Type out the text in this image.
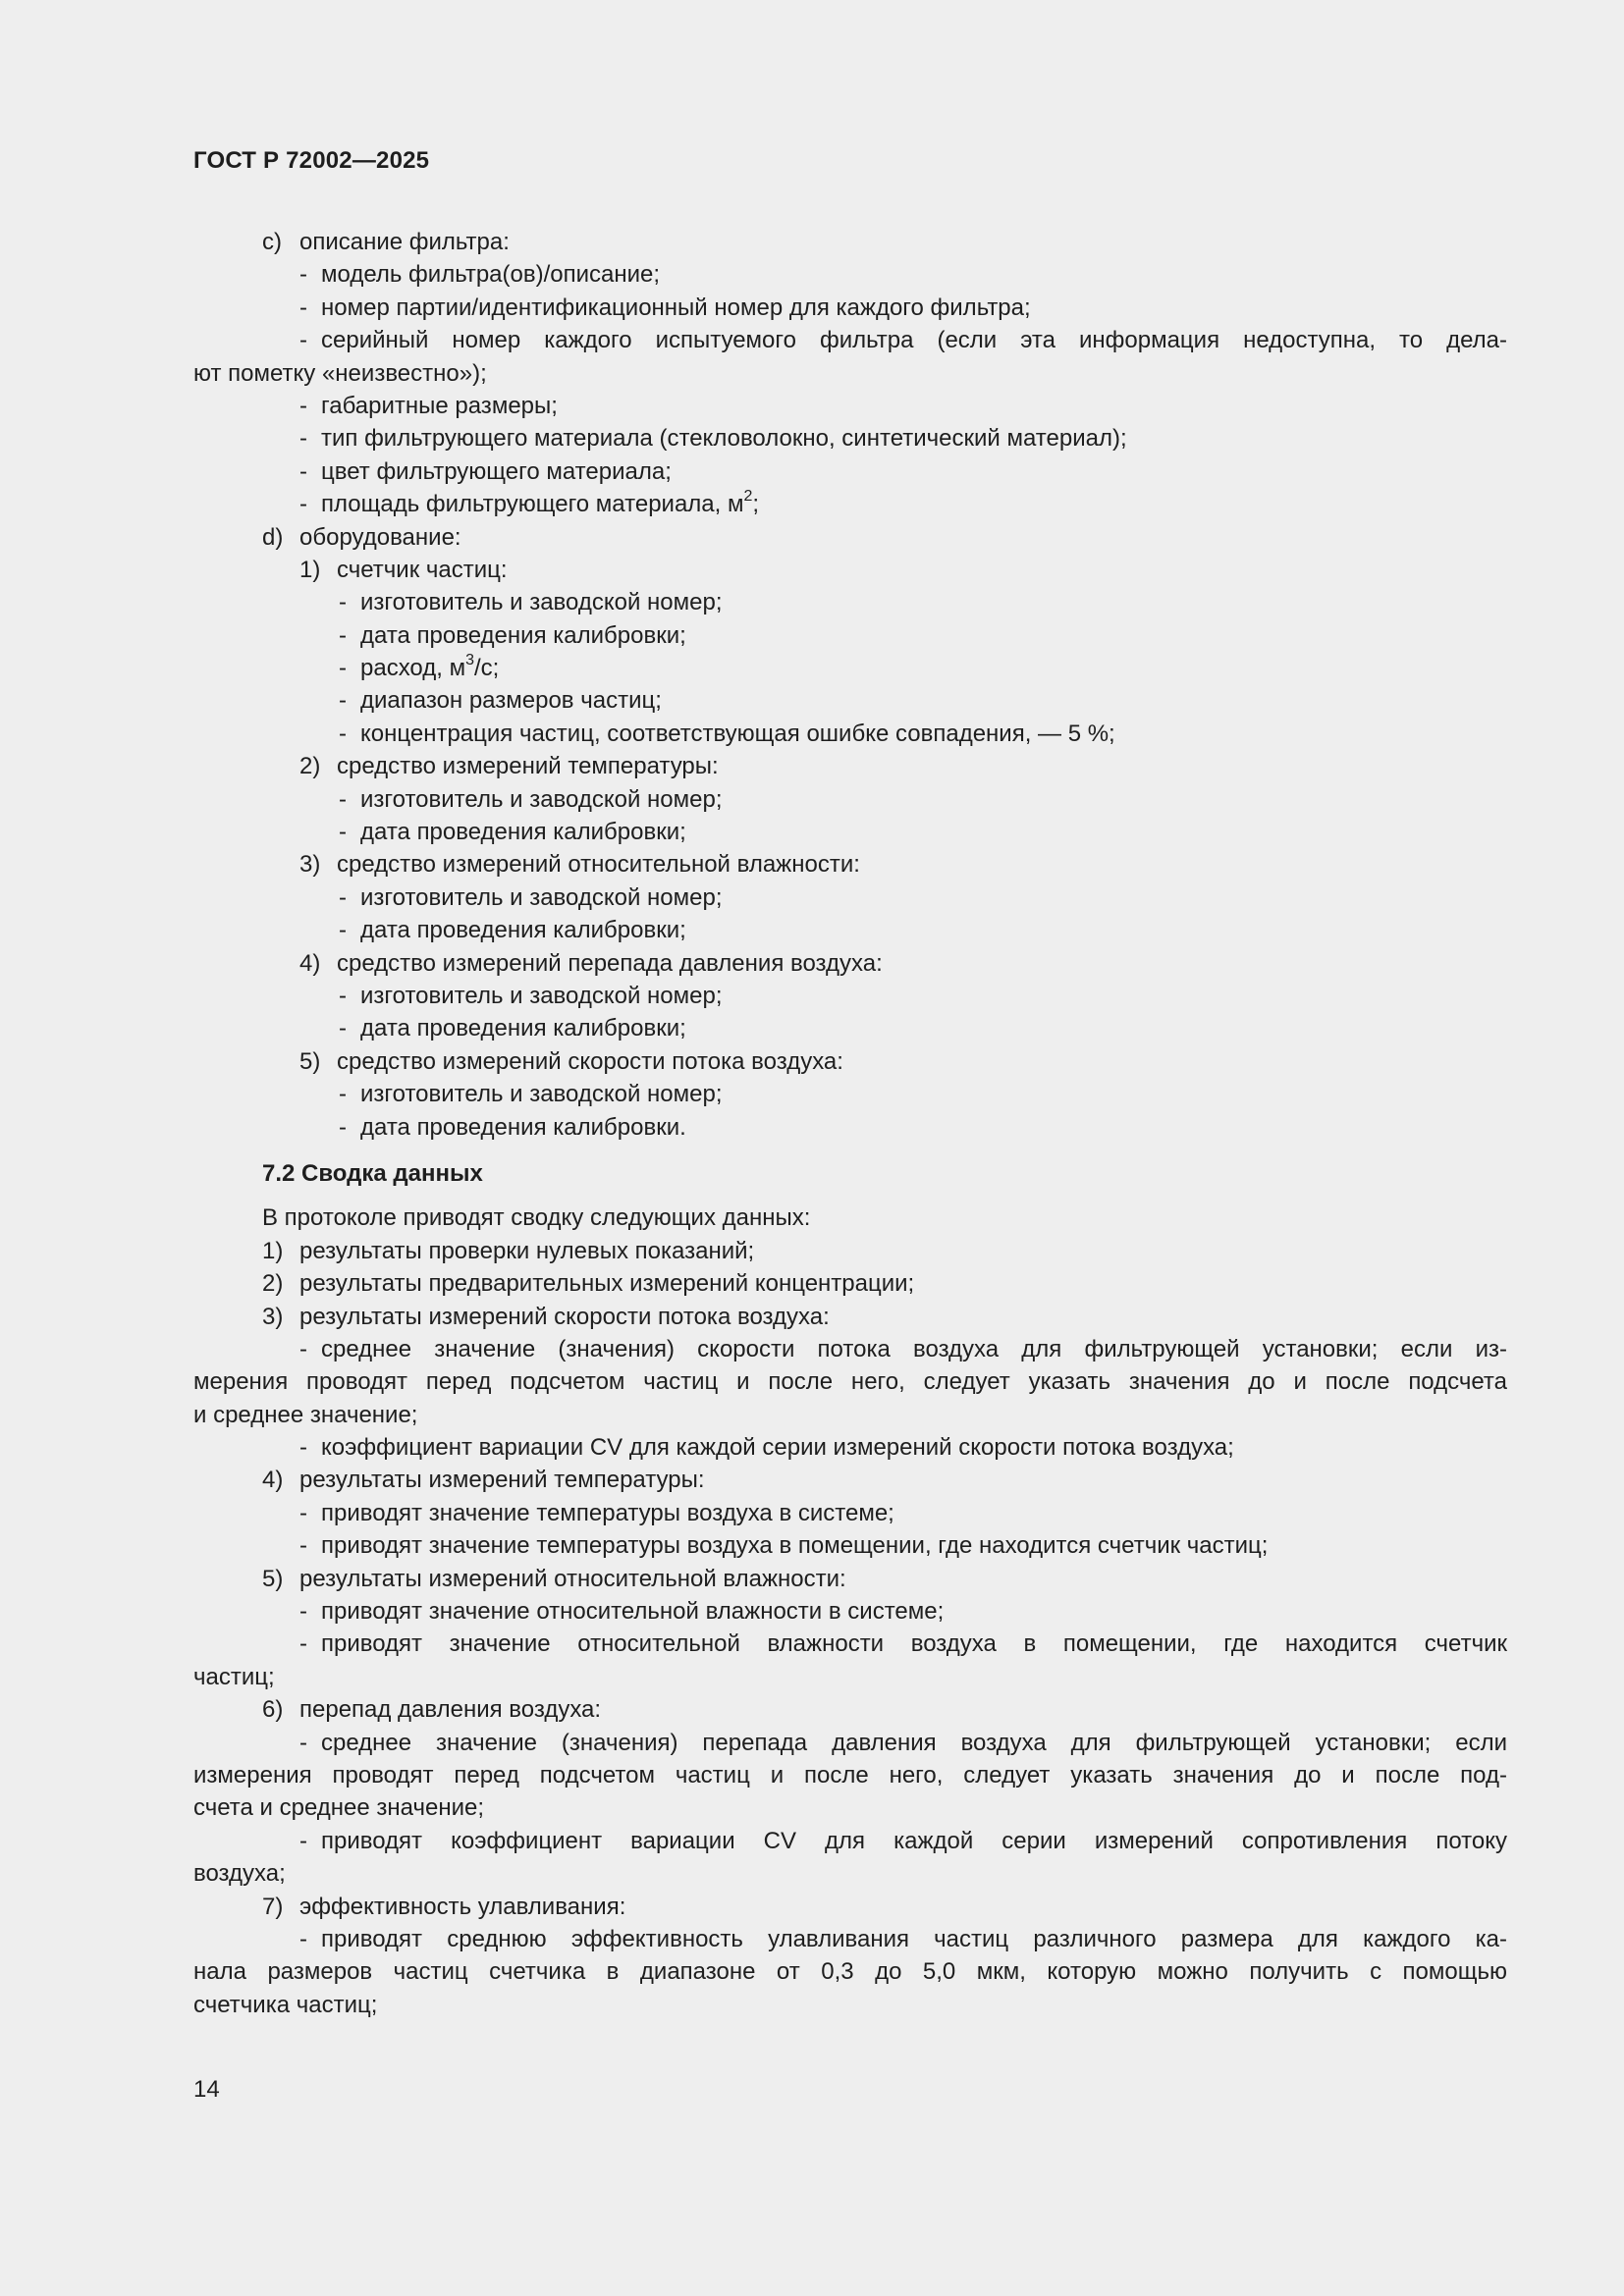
ГОСТ Р 72002—2025
c) описание фильтра:
- модель фильтра(ов)/описание;
- номер партии/идентификационный номер для каждого фильтра;
- серийный номер каждого испытуемого фильтра (если эта информация недоступна, то дела-
ют пометку «неизвестно»);
- габаритные размеры;
- тип фильтрующего материала (стекловолокно, синтетический материал);
- цвет фильтрующего материала;
- площадь фильтрующего материала, $м^2$;
d) оборудование:
1) счетчик частиц:
- изготовитель и заводской номер;
- дата проведения калибровки;
- расход, $м^3/с$;
- диапазон размеров частиц;
- концентрация частиц, соответствующая ошибке совпадения, — 5 %;
2) средство измерений температуры:
- изготовитель и заводской номер;
- дата проведения калибровки;
3) средство измерений относительной влажности:
- изготовитель и заводской номер;
- дата проведения калибровки;
4) средство измерений перепада давления воздуха:
- изготовитель и заводской номер;
- дата проведения калибровки;
5) средство измерений скорости потока воздуха:
- изготовитель и заводской номер;
- дата проведения калибровки.
7.2 Сводка данных
В протоколе приводят сводку следующих данных:
1) результаты проверки нулевых показаний;
2) результаты предварительных измерений концентрации;
3) результаты измерений скорости потока воздуха:
- среднее значение (значения) скорости потока воздуха для фильтрующей установки; если из-
мерения проводят перед подсчетом частиц и после него, следует указать значения до и после подсчета
и среднее значение;
- коэффициент вариации CV для каждой серии измерений скорости потока воздуха;
4) результаты измерений температуры:
- приводят значение температуры воздуха в системе;
- приводят значение температуры воздуха в помещении, где находится счетчик частиц;
5) результаты измерений относительной влажности:
- приводят значение относительной влажности в системе;
- приводят значение относительной влажности воздуха в помещении, где находится счетчик
частиц;
6) перепад давления воздуха:
- среднее значение (значения) перепада давления воздуха для фильтрующей установки; если
измерения проводят перед подсчетом частиц и после него, следует указать значения до и после под-
счета и среднее значение;
- приводят коэффициент вариации CV для каждой серии измерений сопротивления потоку
воздуха;
7) эффективность улавливания:
- приводят среднюю эффективность улавливания частиц различного размера для каждого ка-
нала размеров частиц счетчика в диапазоне от 0,3 до 5,0 мкм, которую можно получить с помощью
счетчика частиц;
14
